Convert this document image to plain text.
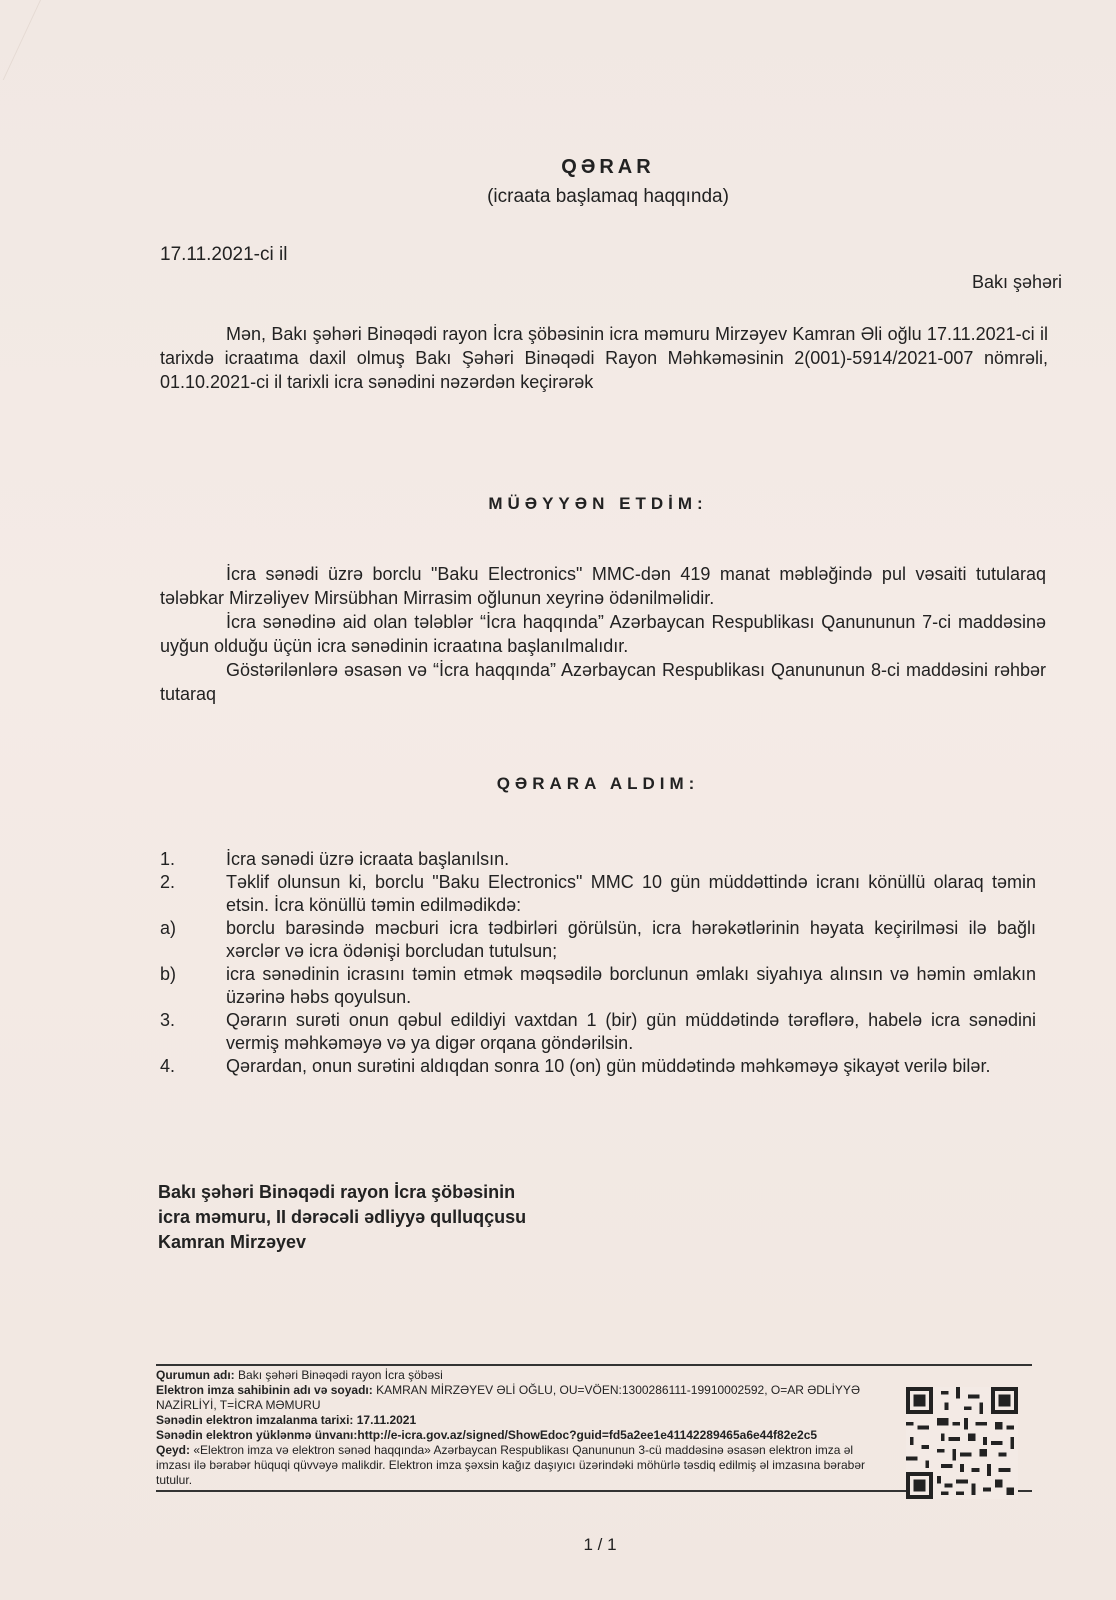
QƏRAR
(icraata başlamaq haqqında)
17.11.2021-ci il
Bakı şəhəri
Mən, Bakı şəhəri Binəqədi rayon İcra şöbəsinin icra məmuru Mirzəyev Kamran Əli oğlu 17.11.2021-ci il tarixdə icraatıma daxil olmuş Bakı Şəhəri Binəqədi Rayon Məhkəməsinin 2(001)-5914/2021-007 nömrəli, 01.10.2021-ci il tarixli icra sənədini nəzərdən keçirərək
MÜƏYYƏN ETDİM:

İcra sənədi üzrə borclu "Baku Electronics" MMC-dən 419 manat məbləğində pul vəsaiti tutularaq tələbkar Mirzəliyev Mirsübhan Mirrasim oğlunun xeyrinə ödənilməlidir.

İcra sənədinə aid olan tələblər “İcra haqqında” Azərbaycan Respublikası Qanununun 7-ci maddəsinə uyğun olduğu üçün icra sənədinin icraatına başlanılmalıdır.

Göstərilənlərə əsasən və “İcra haqqında” Azərbaycan Respublikası Qanununun 8-ci maddəsini rəhbər tutaraq

QƏRARA ALDIM:
1.	İcra sənədi üzrə icraata başlanılsın.
2.	Təklif olunsun ki, borclu "Baku Electronics" MMC 10 gün müddəttində icranı könüllü olaraq təmin etsin. İcra könüllü təmin edilmədikdə:
a)	borclu barəsində məcburi icra tədbirləri görülsün, icra hərəkətlərinin həyata keçirilməsi ilə bağlı xərclər və icra ödənişi borcludan tutulsun;
b)	icra sənədinin icrasını təmin etmək məqsədilə borclunun əmlakı siyahıya alınsın və həmin əmlakın üzərinə həbs qoyulsun.
3.	Qərarın surəti onun qəbul edildiyi vaxtdan 1 (bir) gün müddətində tərəflərə, habelə icra sənədini vermiş məhkəməyə və ya digər orqana göndərilsin.
4.	Qərardan, onun surətini aldıqdan sonra 10 (on) gün müddətində məhkəməyə şikayət verilə bilər.
Bakı şəhəri Binəqədi rayon İcra şöbəsinin
icra məmuru, II dərəcəli ədliyyə qulluqçusu
Kamran Mirzəyev
Qurumun adı: Bakı şəhəri Binəqədi rayon İcra şöbəsi
Elektron imza sahibinin adı və soyadı: KAMRAN MİRZƏYEV ƏLİ OĞLU, OU=VÖEN:1300286111-19910002592, O=AR ƏDLİYYƏ NAZİRLİYİ, T=İCRA MƏMURU
Sənədin elektron imzalanma tarixi: 17.11.2021
Sənədin elektron yüklənmə ünvanı:http://e-icra.gov.az/signed/ShowEdoc?guid=fd5a2ee1e41142289465a6e44f82e2c5
Qeyd: «Elektron imza və elektron sənəd haqqında» Azərbaycan Respublikası Qanununun 3-cü maddəsinə əsasən elektron imza əl imzası ilə bərabər hüquqi qüvvəyə malikdir. Elektron imza şəxsin kağız daşıyıcı üzərindəki möhürlə təsdiq edilmiş əl imzasına bərabər tutulur.
1 / 1
